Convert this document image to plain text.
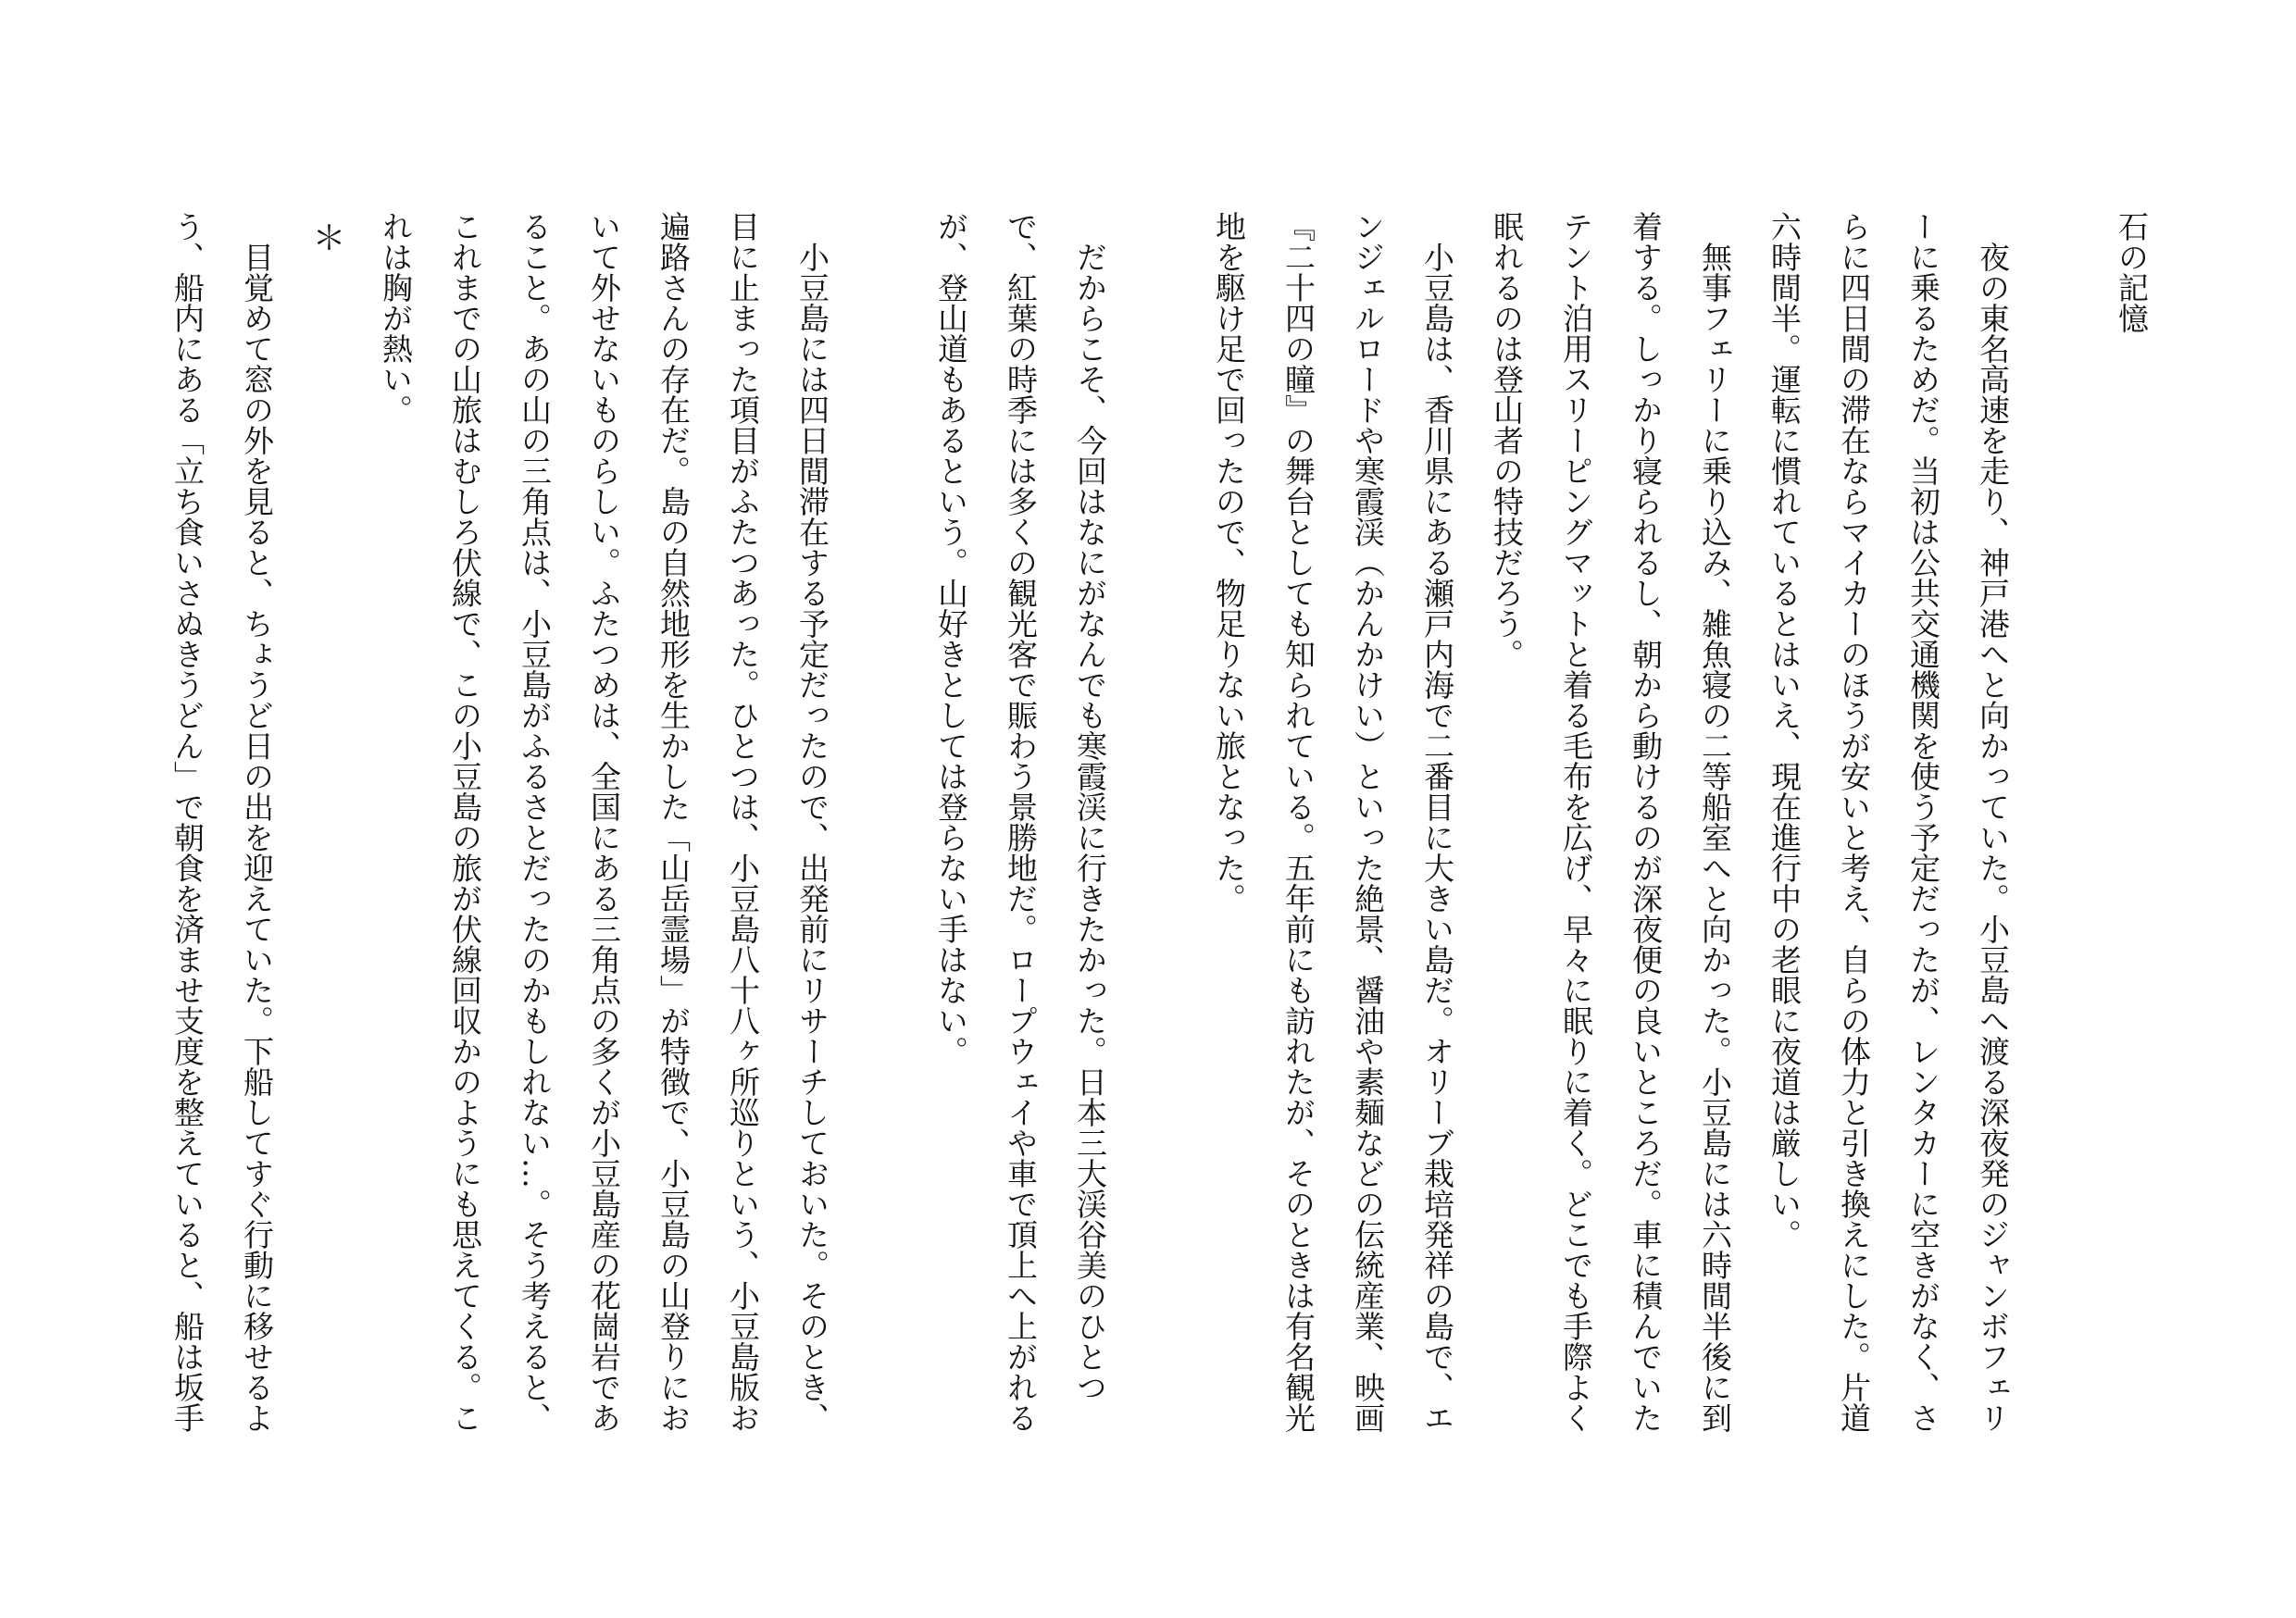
石の記憶

夜の東名高速を走り、神戸港へと向かっていた。小豆島へ渡る深夜発のジャンボフェリーに乗るためだ。当初は公共交通機関を使う予定だったが、レンタカーに空きがなく、さらに四日間の滞在ならマイカーのほうが安いと考え、自らの体力と引き換えにした。片道六時間半。運転に慣れているとはいえ、現在進行中の老眼に夜道は厳しい。

無事フェリーに乗り込み、雑魚寝の二等船室へと向かった。小豆島には六時間半後に到着する。しっかり寝られるし、朝から動けるのが深夜便の良いところだ。車に積んでいたテント泊用スリーピングマットと着る毛布を広げ、早々に眠りに着く。どこでも手際よく眠れるのは登山者の特技だろう。

小豆島は、香川県にある瀬戸内海で二番目に大きい島だ。オリーブ栽培発祥の島で、エンジェルロードや寒霞渓（かんかけい）といった絶景、醤油や素麺などの伝統産業、映画『二十四の瞳』の舞台としても知られている。五年前にも訪れたが、そのときは有名観光地を駆け足で回ったので、物足りない旅となった。

だからこそ、今回はなにがなんでも寒霞渓に行きたかった。日本三大渓谷美のひとつで、紅葉の時季には多くの観光客で賑わう景勝地だ。ロープウェイや車で頂上へ上がれるが、登山道もあるという。山好きとしては登らない手はない。

小豆島には四日間滞在する予定だったので、出発前にリサーチしておいた。そのとき、目に止まった項目がふたつあった。ひとつは、小豆島八十八ヶ所巡りという、小豆島版お遍路さんの存在だ。島の自然地形を生かした「山岳霊場」が特徴で、小豆島の山登りにおいて外せないものらしい。ふたつめは、全国にある三角点の多くが小豆島産の花崗岩であること。あの山の三角点は、小豆島がふるさとだったのかもしれない…。そう考えると、これまでの山旅はむしろ伏線で、この小豆島の旅が伏線回収かのようにも思えてくる。これは胸が熱い。

＊

目覚めて窓の外を見ると、ちょうど日の出を迎えていた。下船してすぐ行動に移せるよう、船内にある「立ち食いさぬきうどん」で朝食を済ませ支度を整えていると、船は坂手
